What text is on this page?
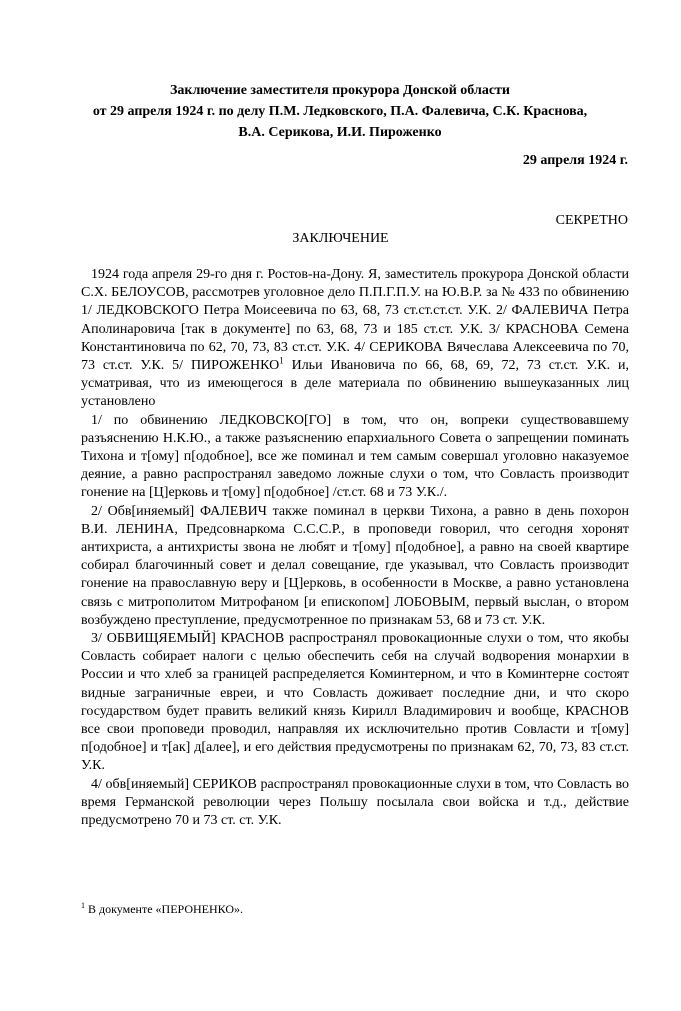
Заключение заместителя прокурора Донской области
от 29 апреля 1924 г. по делу П.М. Ледковского, П.А. Фалевича, С.К. Краснова,
В.А. Серикова, И.И. Пироженко
29 апреля 1924 г.
СЕКРЕТНО
ЗАКЛЮЧЕНИЕ

1924 года апреля 29-го дня г. Ростов-на-Дону. Я, заместитель прокурора Донской области С.Х. БЕЛОУСОВ, рассмотрев уголовное дело П.П.Г.П.У. на Ю.В.Р. за № 433 по обвинению 1/ ЛЕДКОВСКОГО Петра Моисеевича по 63, 68, 73 ст.ст.ст.ст. У.К. 2/ ФАЛЕВИЧА Петра Аполинаровича [так в документе] по 63, 68, 73 и 185 ст.ст. У.К. 3/ КРАСНОВА Семена Константиновича по 62, 70, 73, 83 ст.ст. У.К. 4/ СЕРИКОВА Вячеслава Алексеевича по 70, 73 ст.ст. У.К. 5/ ПИРОЖЕНКО$^1$ Ильи Ивановича по 66, 68, 69, 72, 73 ст.ст. У.К. и, усматривая, что из имеющегося в деле материала по обвинению вышеуказанных лиц установлено

1/ по обвинению ЛЕДКОВСКО[ГО] в том, что он, вопреки существовавшему разъяснению Н.К.Ю., а также разъяснению епархиального Совета о запрещении поминать Тихона и т[ому] п[одобное], все же поминал и тем самым совершал уголовно наказуемое деяние, а равно распространял заведомо ложные слухи о том, что Совласть производит гонение на [Ц]ерковь и т[ому] п[одобное] /ст.ст. 68 и 73 У.К./.

2/ Обв[иняемый] ФАЛЕВИЧ также поминал в церкви Тихона, а равно в день похорон В.И. ЛЕНИНА, Предсовнаркома С.С.С.Р., в проповеди говорил, что сегодня хоронят антихриста, а антихристы звона не любят и т[ому] п[одобное], а равно на своей квартире собирал благочинный совет и делал совещание, где указывал, что Совласть производит гонение на православную веру и [Ц]ерковь, в особенности в Москве, а равно установлена связь с митрополитом Митрофаном [и епископом] ЛОБОВЫМ, первый выслан, о втором возбуждено преступление, предусмотренное по признакам 53, 68 и 73 ст. У.К.

3/ ОБВИЩЯЕМЫЙ] КРАСНОВ распространял провокационные слухи о том, что якобы Совласть собирает налоги с целью обеспечить себя на случай водворения монархии в России и что хлеб за границей распределяется Коминтерном, и что в Коминтерне состоят видные заграничные евреи, и что Совласть доживает последние дни, и что скоро государством будет править великий князь Кирилл Владимирович и вообще, КРАСНОВ все свои проповеди проводил, направляя их исключительно против Совласти и т[ому] п[одобное] и т[ак] д[алее], и его действия предусмотрены по признакам 62, 70, 73, 83 ст.ст. У.К.

4/ обв[иняемый] СЕРИКОВ распространял провокационные слухи в том, что Совласть во время Германской революции через Польшу посылала свои войска и т.д., действие предусмотрено 70 и 73 ст. ст. У.К.

$^1$ В документе «ПЕРОНЕНКО».
